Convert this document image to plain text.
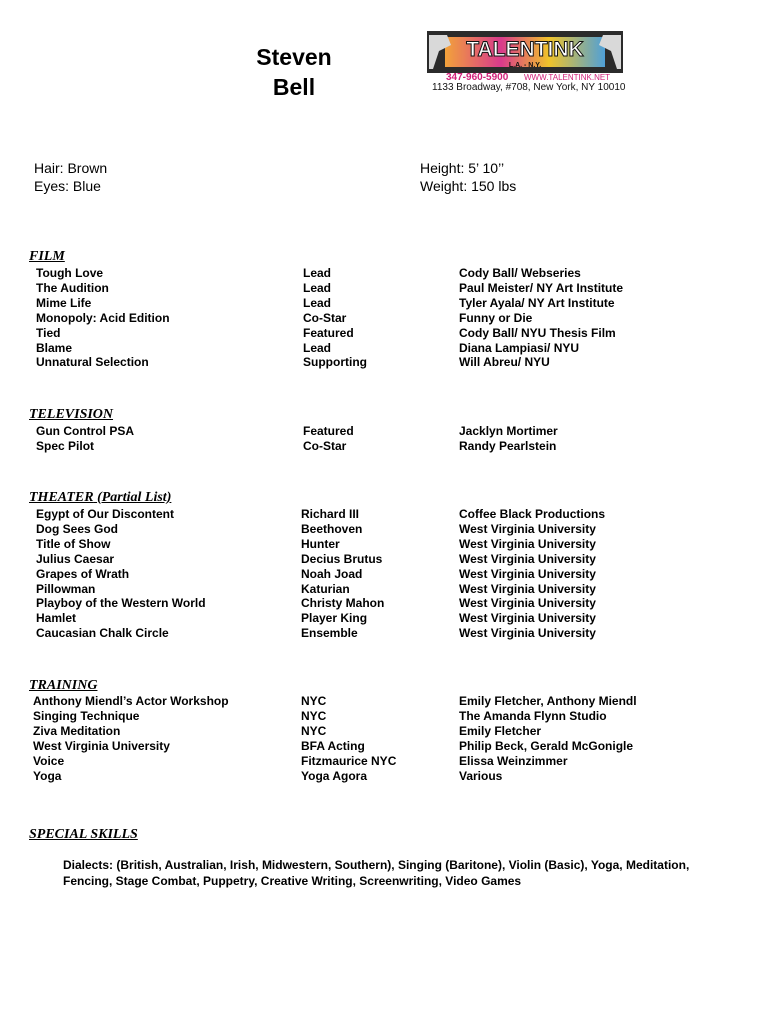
Steven
Bell
TALENTINK
L.A. - N.Y.
347-960-5900 WWW.TALENTINK.NET
1133 Broadway, #708, New York, NY 10010
Hair: Brown
Eyes: Blue
Height: 5’ 10’’
Weight: 150 lbs
FILM
Tough Love	Lead	Cody Ball/ Webseries
The Audition	Lead	Paul Meister/ NY Art Institute
Mime Life	Lead	Tyler Ayala/ NY Art Institute
Monopoly: Acid Edition	Co-Star	Funny or Die
Tied	Featured	Cody Ball/ NYU Thesis Film
Blame	Lead	Diana Lampiasi/ NYU
Unnatural Selection	Supporting	Will Abreu/ NYU
TELEVISION
Gun Control PSA	Featured	Jacklyn Mortimer
Spec Pilot	Co-Star	Randy Pearlstein
THEATER (Partial List)
Egypt of Our Discontent	Richard III	Coffee Black Productions
Dog Sees God	Beethoven	West Virginia University
Title of Show	Hunter	West Virginia University
Julius Caesar	Decius Brutus	West Virginia University
Grapes of Wrath	Noah Joad	West Virginia University
Pillowman	Katurian	West Virginia University
Playboy of the Western World	Christy Mahon	West Virginia University
Hamlet	Player King	West Virginia University
Caucasian Chalk Circle	Ensemble	West Virginia University
TRAINING
Anthony Miendl’s Actor Workshop	NYC	Emily Fletcher, Anthony Miendl
Singing Technique	NYC	The Amanda Flynn Studio
Ziva Meditation	NYC	Emily Fletcher
West Virginia University	BFA Acting	Philip Beck, Gerald McGonigle
Voice	Fitzmaurice NYC	Elissa Weinzimmer
Yoga	Yoga Agora	Various
SPECIAL SKILLS
Dialects: (British, Australian, Irish, Midwestern, Southern), Singing (Baritone), Violin (Basic), Yoga, Meditation, Fencing, Stage Combat, Puppetry, Creative Writing, Screenwriting, Video Games
